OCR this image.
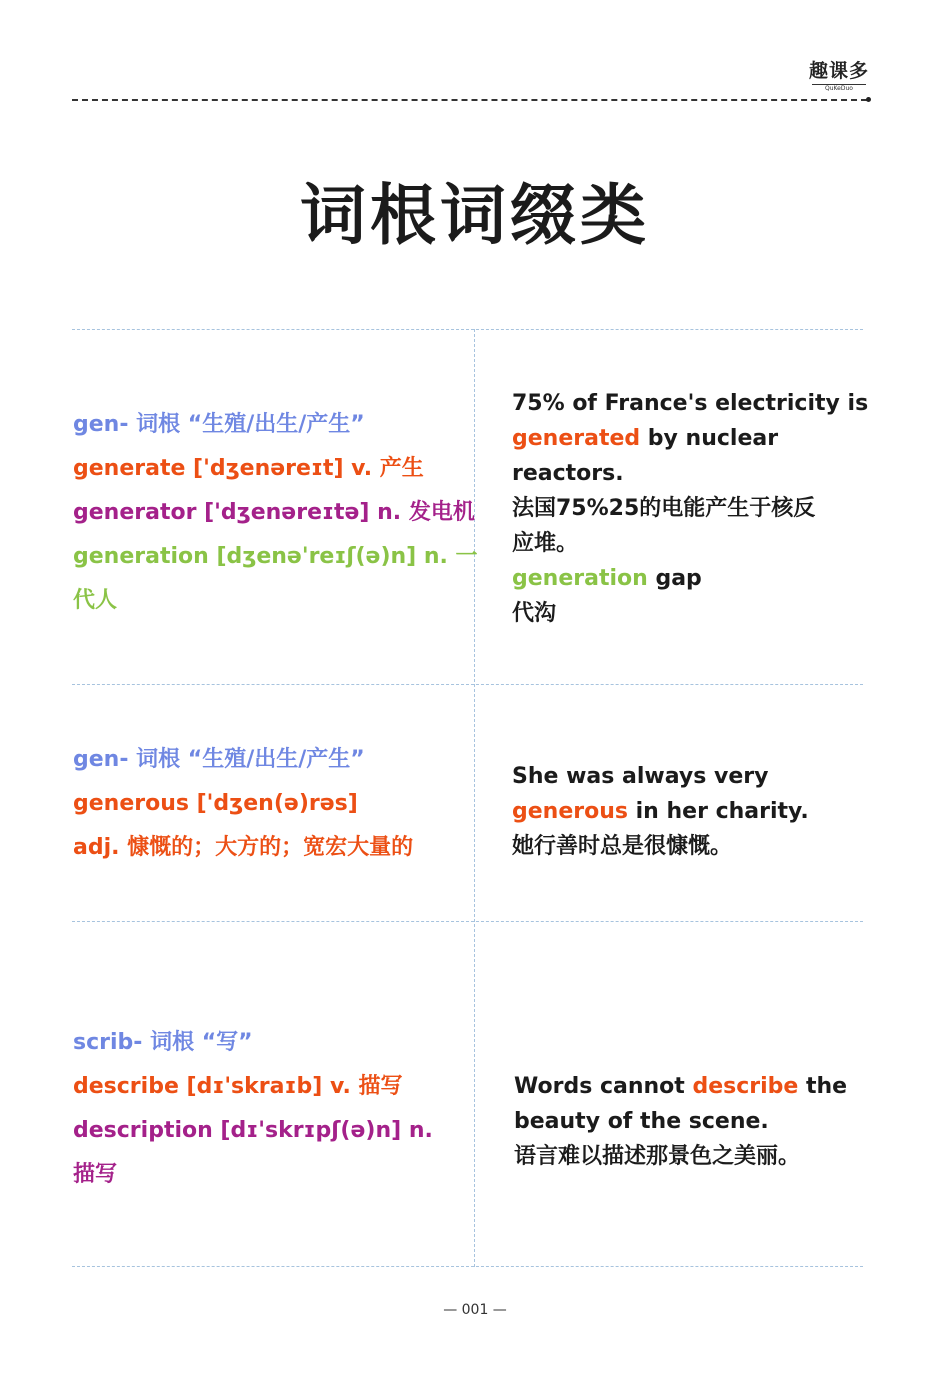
趣课多
QuKeDuo
词根词缀类
gen- 词根 “生殖/出生/产生”
generate ['dʒenəreɪt] v. 产生
generator ['dʒenəreɪtə] n. 发电机
generation [dʒenə'reɪʃ(ə)n] n. 一
代人
75% of France's electricity is
generated by nuclear
reactors.
法国75%25的电能产生于核反
应堆。
generation gap
代沟
gen- 词根 “生殖/出生/产生”
generous ['dʒen(ə)rəs]
adj. 慷慨的；大方的；宽宏大量的
She was always very
generous in her charity.
她行善时总是很慷慨。
scrib- 词根 “写”
describe [dɪ'skraɪb] v. 描写
description [dɪ'skrɪpʃ(ə)n] n.
描写
Words cannot describe the
beauty of the scene.
语言难以描述那景色之美丽。
— 001 —
